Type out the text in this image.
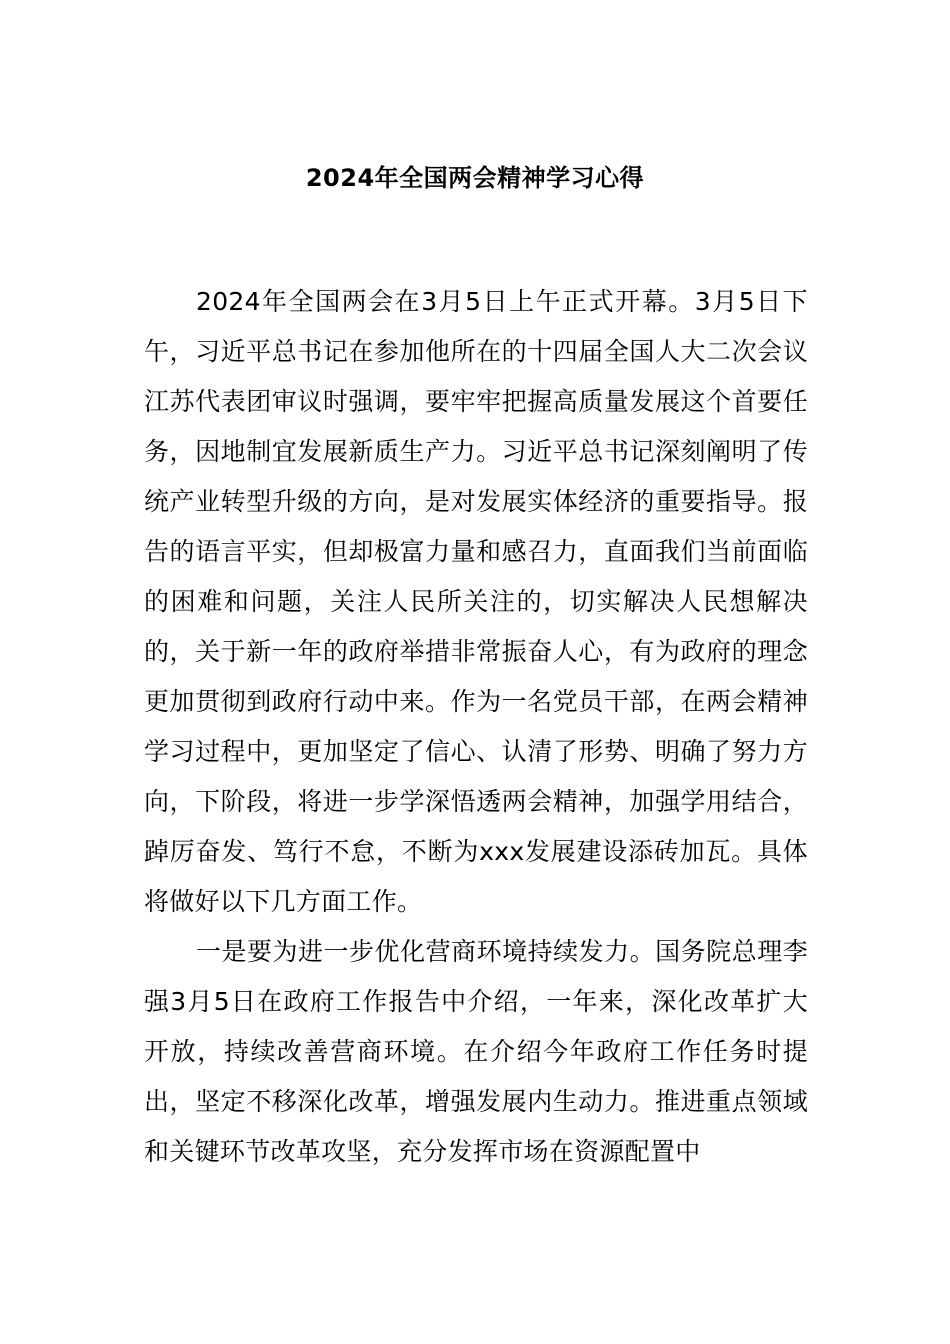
2024年全国两会精神学习心得

2024年全国两会在3月5日上午正式开幕。3月5日下午，习近平总书记在参加他所在的十四届全国人大二次会议江苏代表团审议时强调，要牢牢把握高质量发展这个首要任务，因地制宜发展新质生产力。习近平总书记深刻阐明了传统产业转型升级的方向，是对发展实体经济的重要指导。报告的语言平实，但却极富力量和感召力，直面我们当前面临的困难和问题，关注人民所关注的，切实解决人民想解决的，关于新一年的政府举措非常振奋人心，有为政府的理念更加贯彻到政府行动中来。作为一名党员干部，在两会精神学习过程中，更加坚定了信心、认清了形势、明确了努力方向，下阶段，将进一步学深悟透两会精神，加强学用结合，踔厉奋发、笃行不怠，不断为xxx发展建设添砖加瓦。具体将做好以下几方面工作。

一是要为进一步优化营商环境持续发力。国务院总理李强3月5日在政府工作报告中介绍，一年来，深化改革扩大开放，持续改善营商环境。在介绍今年政府工作任务时提出，坚定不移深化改革，增强发展内生动力。推进重点领域和关键环节改革攻坚，充分发挥市场在资源配置中
